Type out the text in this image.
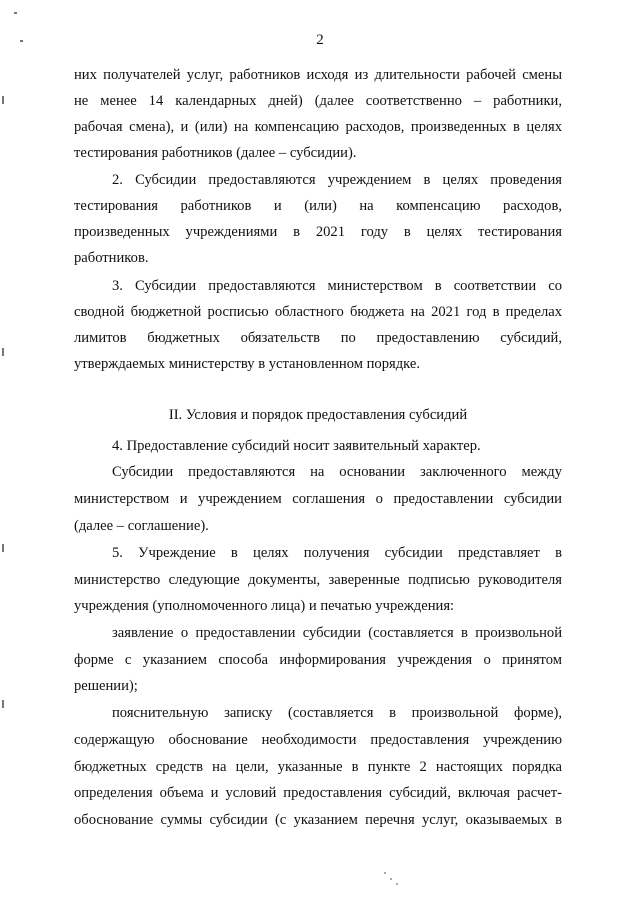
2
них получателей услуг, работников исходя из длительности рабочей смены
не менее 14 календарных дней) (далее соответственно – работники,
рабочая смена), и (или) на компенсацию расходов, произведенных в целях
тестирования работников (далее – субсидии).
2. Субсидии предоставляются учреждением в целях проведения
тестирования работников и (или) на компенсацию расходов,
произведенных учреждениями в 2021 году в целях тестирования
работников.
3. Субсидии предоставляются министерством в соответствии со
сводной бюджетной росписью областного бюджета на 2021 год в пределах
лимитов бюджетных обязательств по предоставлению субсидий,
утверждаемых министерству в установленном порядке.
II. Условия и порядок предоставления субсидий
4. Предоставление субсидий носит заявительный характер.
Субсидии предоставляются на основании заключенного между
министерством и учреждением соглашения о предоставлении субсидии
(далее – соглашение).
5. Учреждение в целях получения субсидии представляет в
министерство следующие документы, заверенные подписью руководителя
учреждения (уполномоченного лица) и печатью учреждения:
заявление о предоставлении субсидии (составляется в произвольной
форме с указанием способа информирования учреждения о принятом
решении);
пояснительную записку (составляется в произвольной форме),
содержащую обоснование необходимости предоставления учреждению
бюджетных средств на цели, указанные в пункте 2 настоящих порядка
определения объема и условий предоставления субсидий, включая расчет-
обоснование суммы субсидии (с указанием перечня услуг, оказываемых в
